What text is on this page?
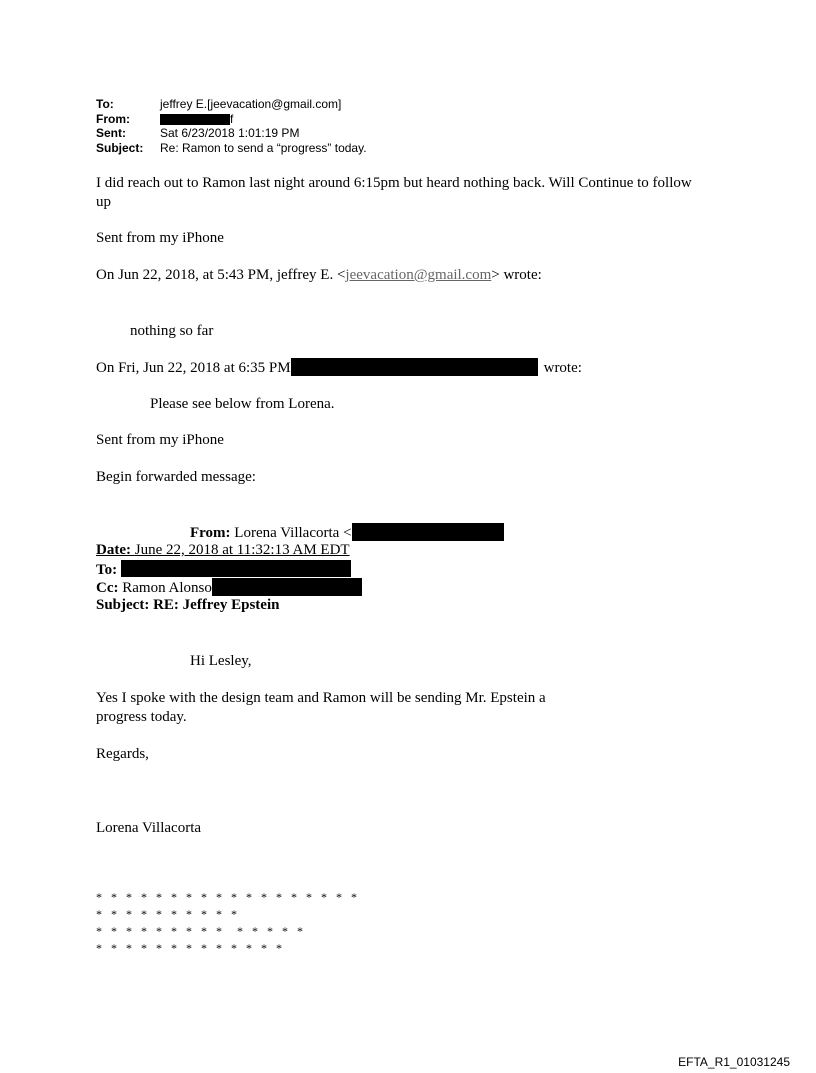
To:	jeffrey E.[jeevacation@gmail.com]
From:	f
Sent:	Sat 6/23/2018 1:01:19 PM
Subject:	Re: Ramon to send a “progress” today.
I did reach out to Ramon last night around 6:15pm but heard nothing back. Will Continue to follow up
Sent from my iPhone
On Jun 22, 2018, at 5:43 PM, jeffrey E. <jeevacation@gmail.com> wrote:
nothing so far
On Fri, Jun 22, 2018 at 6:35 PM	wrote:
Please see below from Lorena.
Sent from my iPhone
Begin forwarded message:
From: Lorena Villacorta <
Date: June 22, 2018 at 11:32:13 AM EDT
To:
Cc: Ramon Alonso
Subject: RE: Jeffrey Epstein
Hi Lesley,
Yes I spoke with the design team and Ramon will be sending Mr. Epstein a progress today.
Regards,
Lorena Villacorta
* * * * * * * * * * * * * * * * * *
* * * * * * * * * *
* * * * * * * * *  * * * * *
* * * * * * * * * * * * *
EFTA_R1_01031245
